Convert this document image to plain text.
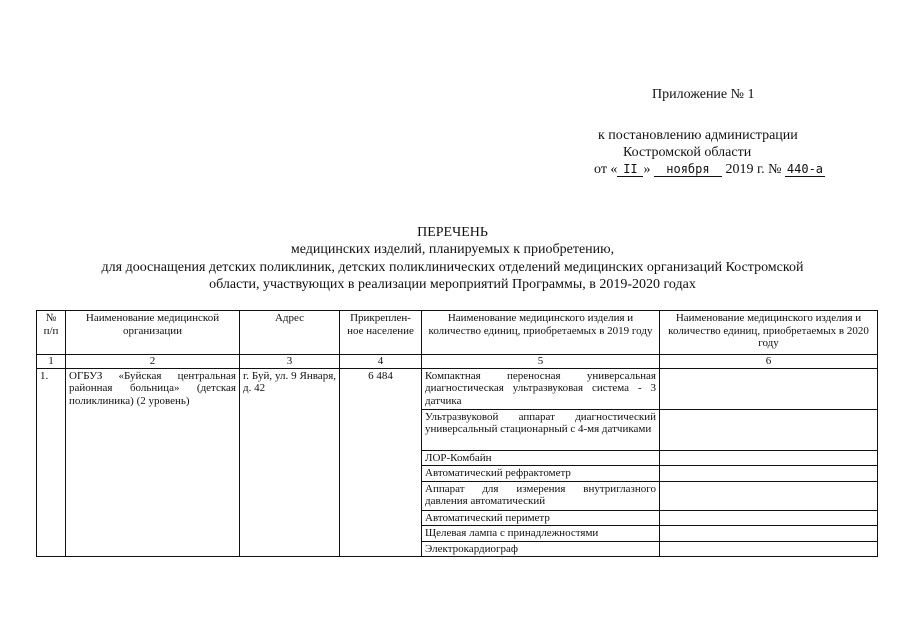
Приложение № 1
к постановлению администрации
Костромской области
от « II » ноября 2019 г. № 440-а
ПЕРЕЧЕНЬ
медицинских изделий, планируемых к приобретению,
для дооснащения детских поликлиник, детских поликлинических отделений медицинских организаций Костромской
области, участвующих в реализации мероприятий Программы, в 2019-2020 годах
№ п/п	Наименование медицинской организации	Адрес	Прикреплен-ное население	Наименование медицинского изделия и количество единиц, приобретаемых в 2019 году	Наименование медицинского изделия и количество единиц, приобретаемых в 2020 году
1	2	3	4	5	6
1.	ОГБУЗ «Буйская центральная районная больница» (детская поликлиника) (2 уровень)	г. Буй, ул. 9 Января, д. 42	6 484	Компактная переносная универсальная диагностическая ультразвуковая система - 3 датчика	
				Ультразвуковой аппарат диагностический универсальный стационарный с 4-мя датчиками	
				ЛОР-Комбайн	
				Автоматический рефрактометр	
				Аппарат для измерения внутриглазного давления автоматический	
				Автоматический периметр	
				Щелевая лампа с принадлежностями	
				Электрокардиограф	
